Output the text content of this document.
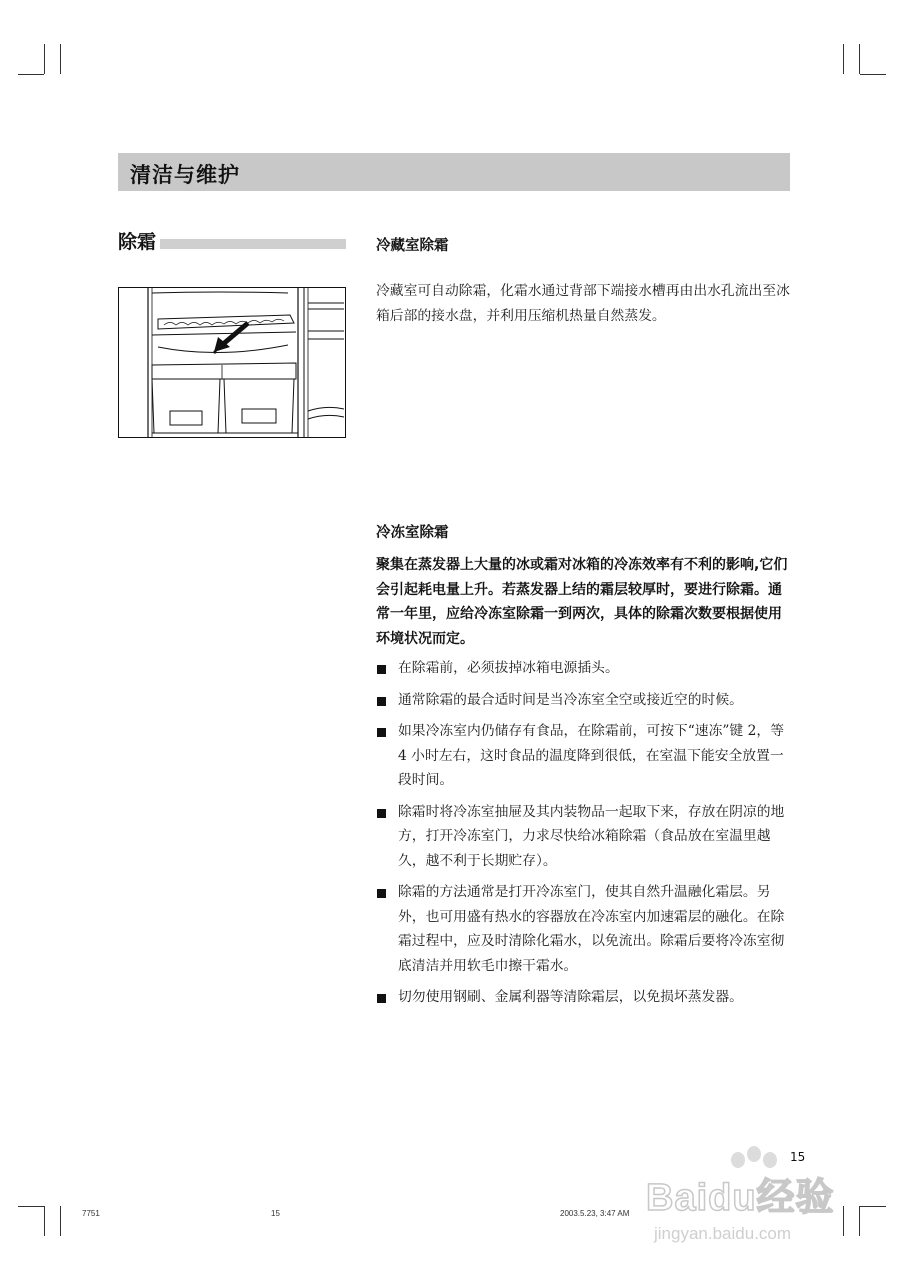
清洁与维护
除霜	冷藏室除霜

冷藏室可自动除霜，化霜水通过背部下端接水槽再由出水孔流出至冰箱后部的接水盘，并利用压缩机热量自然蒸发。

冷冻室除霜

聚集在蒸发器上大量的冰或霜对冰箱的冷冻效率有不利的影响,它们会引起耗电量上升。若蒸发器上结的霜层较厚时，要进行除霜。通常一年里，应给冷冻室除霜一到两次，具体的除霜次数要根据使用环境状况而定。

在除霜前，必须拔掉冰箱电源插头。
通常除霜的最合适时间是当冷冻室全空或接近空的时候。
如果冷冻室内仍储存有食品，在除霜前，可按下“速冻”键 2，等 4 小时左右，这时食品的温度降到很低，在室温下能安全放置一段时间。
除霜时将冷冻室抽屉及其内装物品一起取下来，存放在阴凉的地方，打开冷冻室门，力求尽快给冰箱除霜（食品放在室温里越久，越不利于长期贮存）。
除霜的方法通常是打开冷冻室门，使其自然升温融化霜层。另外，也可用盛有热水的容器放在冷冻室内加速霜层的融化。在除霜过程中，应及时清除化霜水，以免流出。除霜后要将冷冻室彻底清洁并用软毛巾擦干霜水。
切勿使用钢刷、金属利器等清除霜层，以免损坏蒸发器。
15
Baidu经验
jingyan.baidu.com
7751	15	2003.5.23, 3:47 AM
